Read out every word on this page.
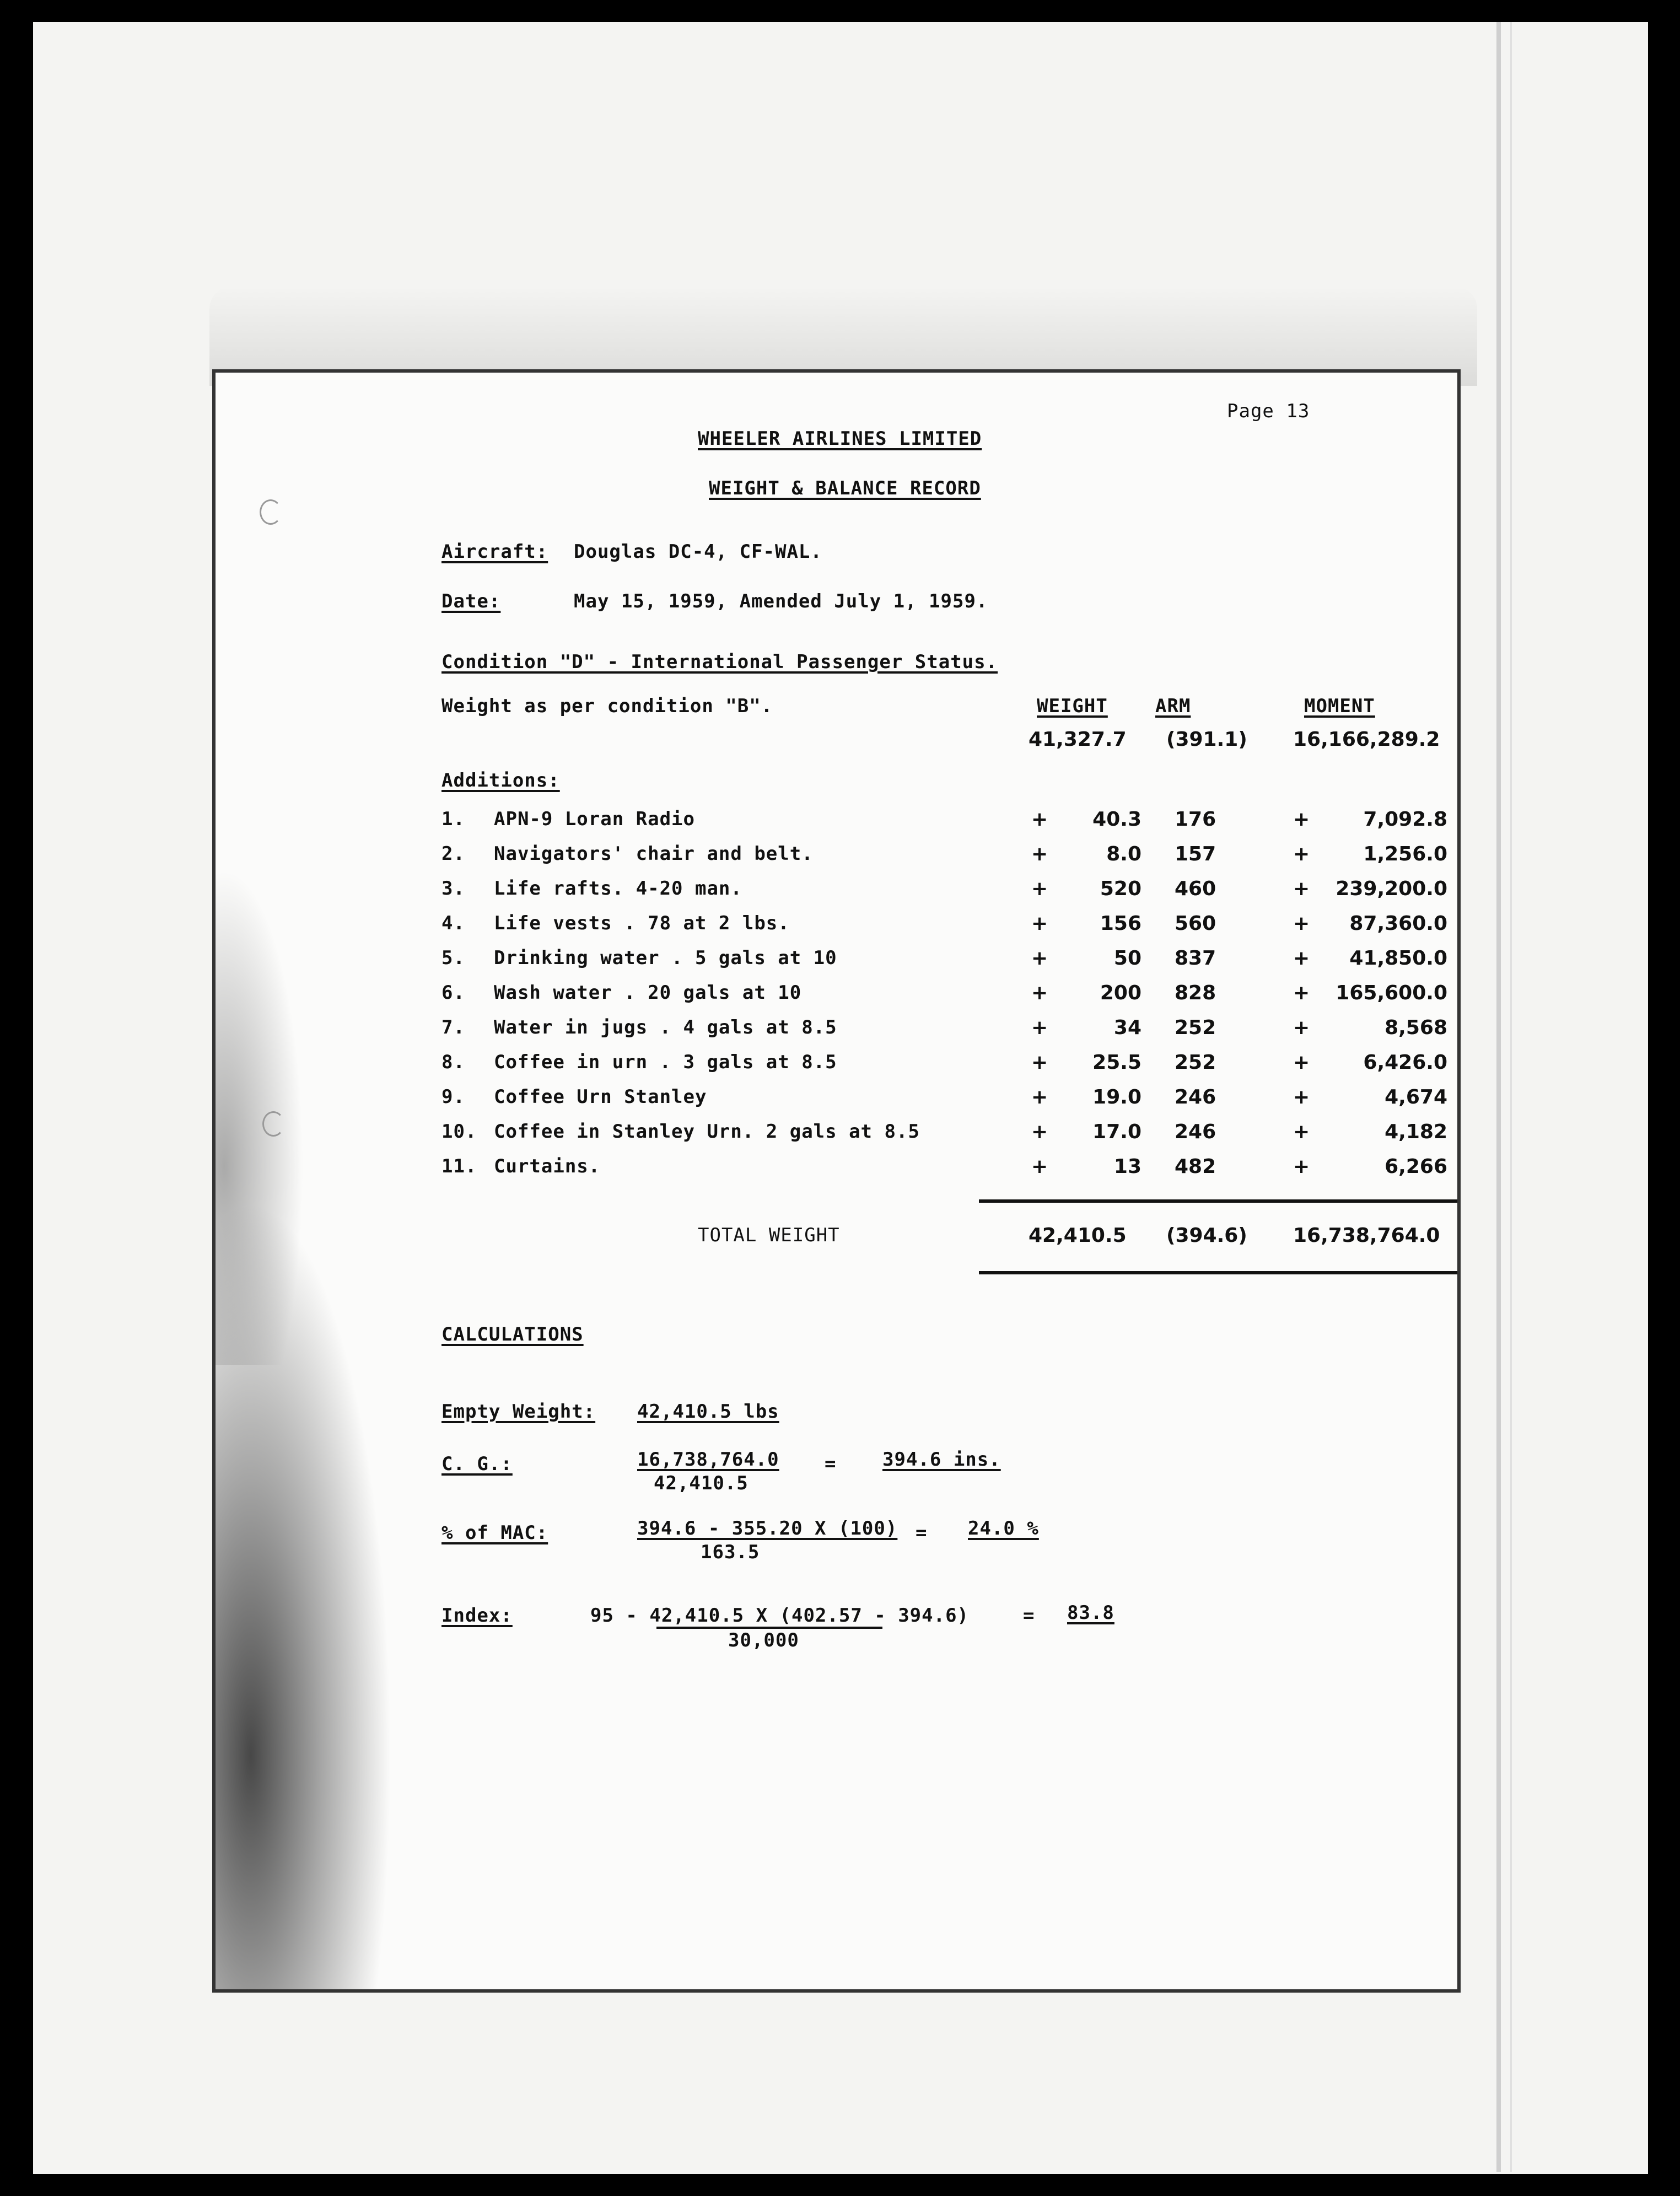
Page 13
WHEELER AIRLINES LIMITED
WEIGHT & BALANCE RECORD
Aircraft: Douglas DC-4, CF-WAL.
Date:	May 15, 1959, Amended July 1, 1959.
Condition "D" - International Passenger Status.
Weight as per condition "B".	WEIGHT	ARM	MOMENT
41,327.7 (391.1) 16,166,289.2
Additions:
1. APN-9 Loran Radio	+	40.3 176	+	7,092.8
2. Navigators' chair and belt.	+	8.0 157	+	1,256.0
3. Life rafts. 4-20 man.	+	520 460	+	239,200.0
4. Life vests . 78 at 2 lbs.	+	156 560	+	87,360.0
5. Drinking water . 5 gals at 10	+	50 837	+	41,850.0
6. Wash water . 20 gals at 10	+	200 828	+	165,600.0
7. Water in jugs . 4 gals at 8.5	+	34 252	+	8,568
8. Coffee in urn . 3 gals at 8.5	+	25.5 252	+	6,426.0
9. Coffee Urn Stanley	+	19.0 246	+	4,674
10. Coffee in Stanley Urn. 2 gals at 8.5	+	17.0 246	+	4,182
11. Curtains.	+	13 482	+	6,266
TOTAL WEIGHT	42,410.5 (394.6) 16,738,764.0
CALCULATIONS
Empty Weight: 42,410.5 lbs
C. G.:	16,738,764.0
42,410.5
= 394.6 ins.
% of MAC:	394.6 - 355.20 X (100)
163.5
= 24.0 %
Index:	95 - 42,410.5 X (402.57 - 394.6)
30,000
= 83.8
